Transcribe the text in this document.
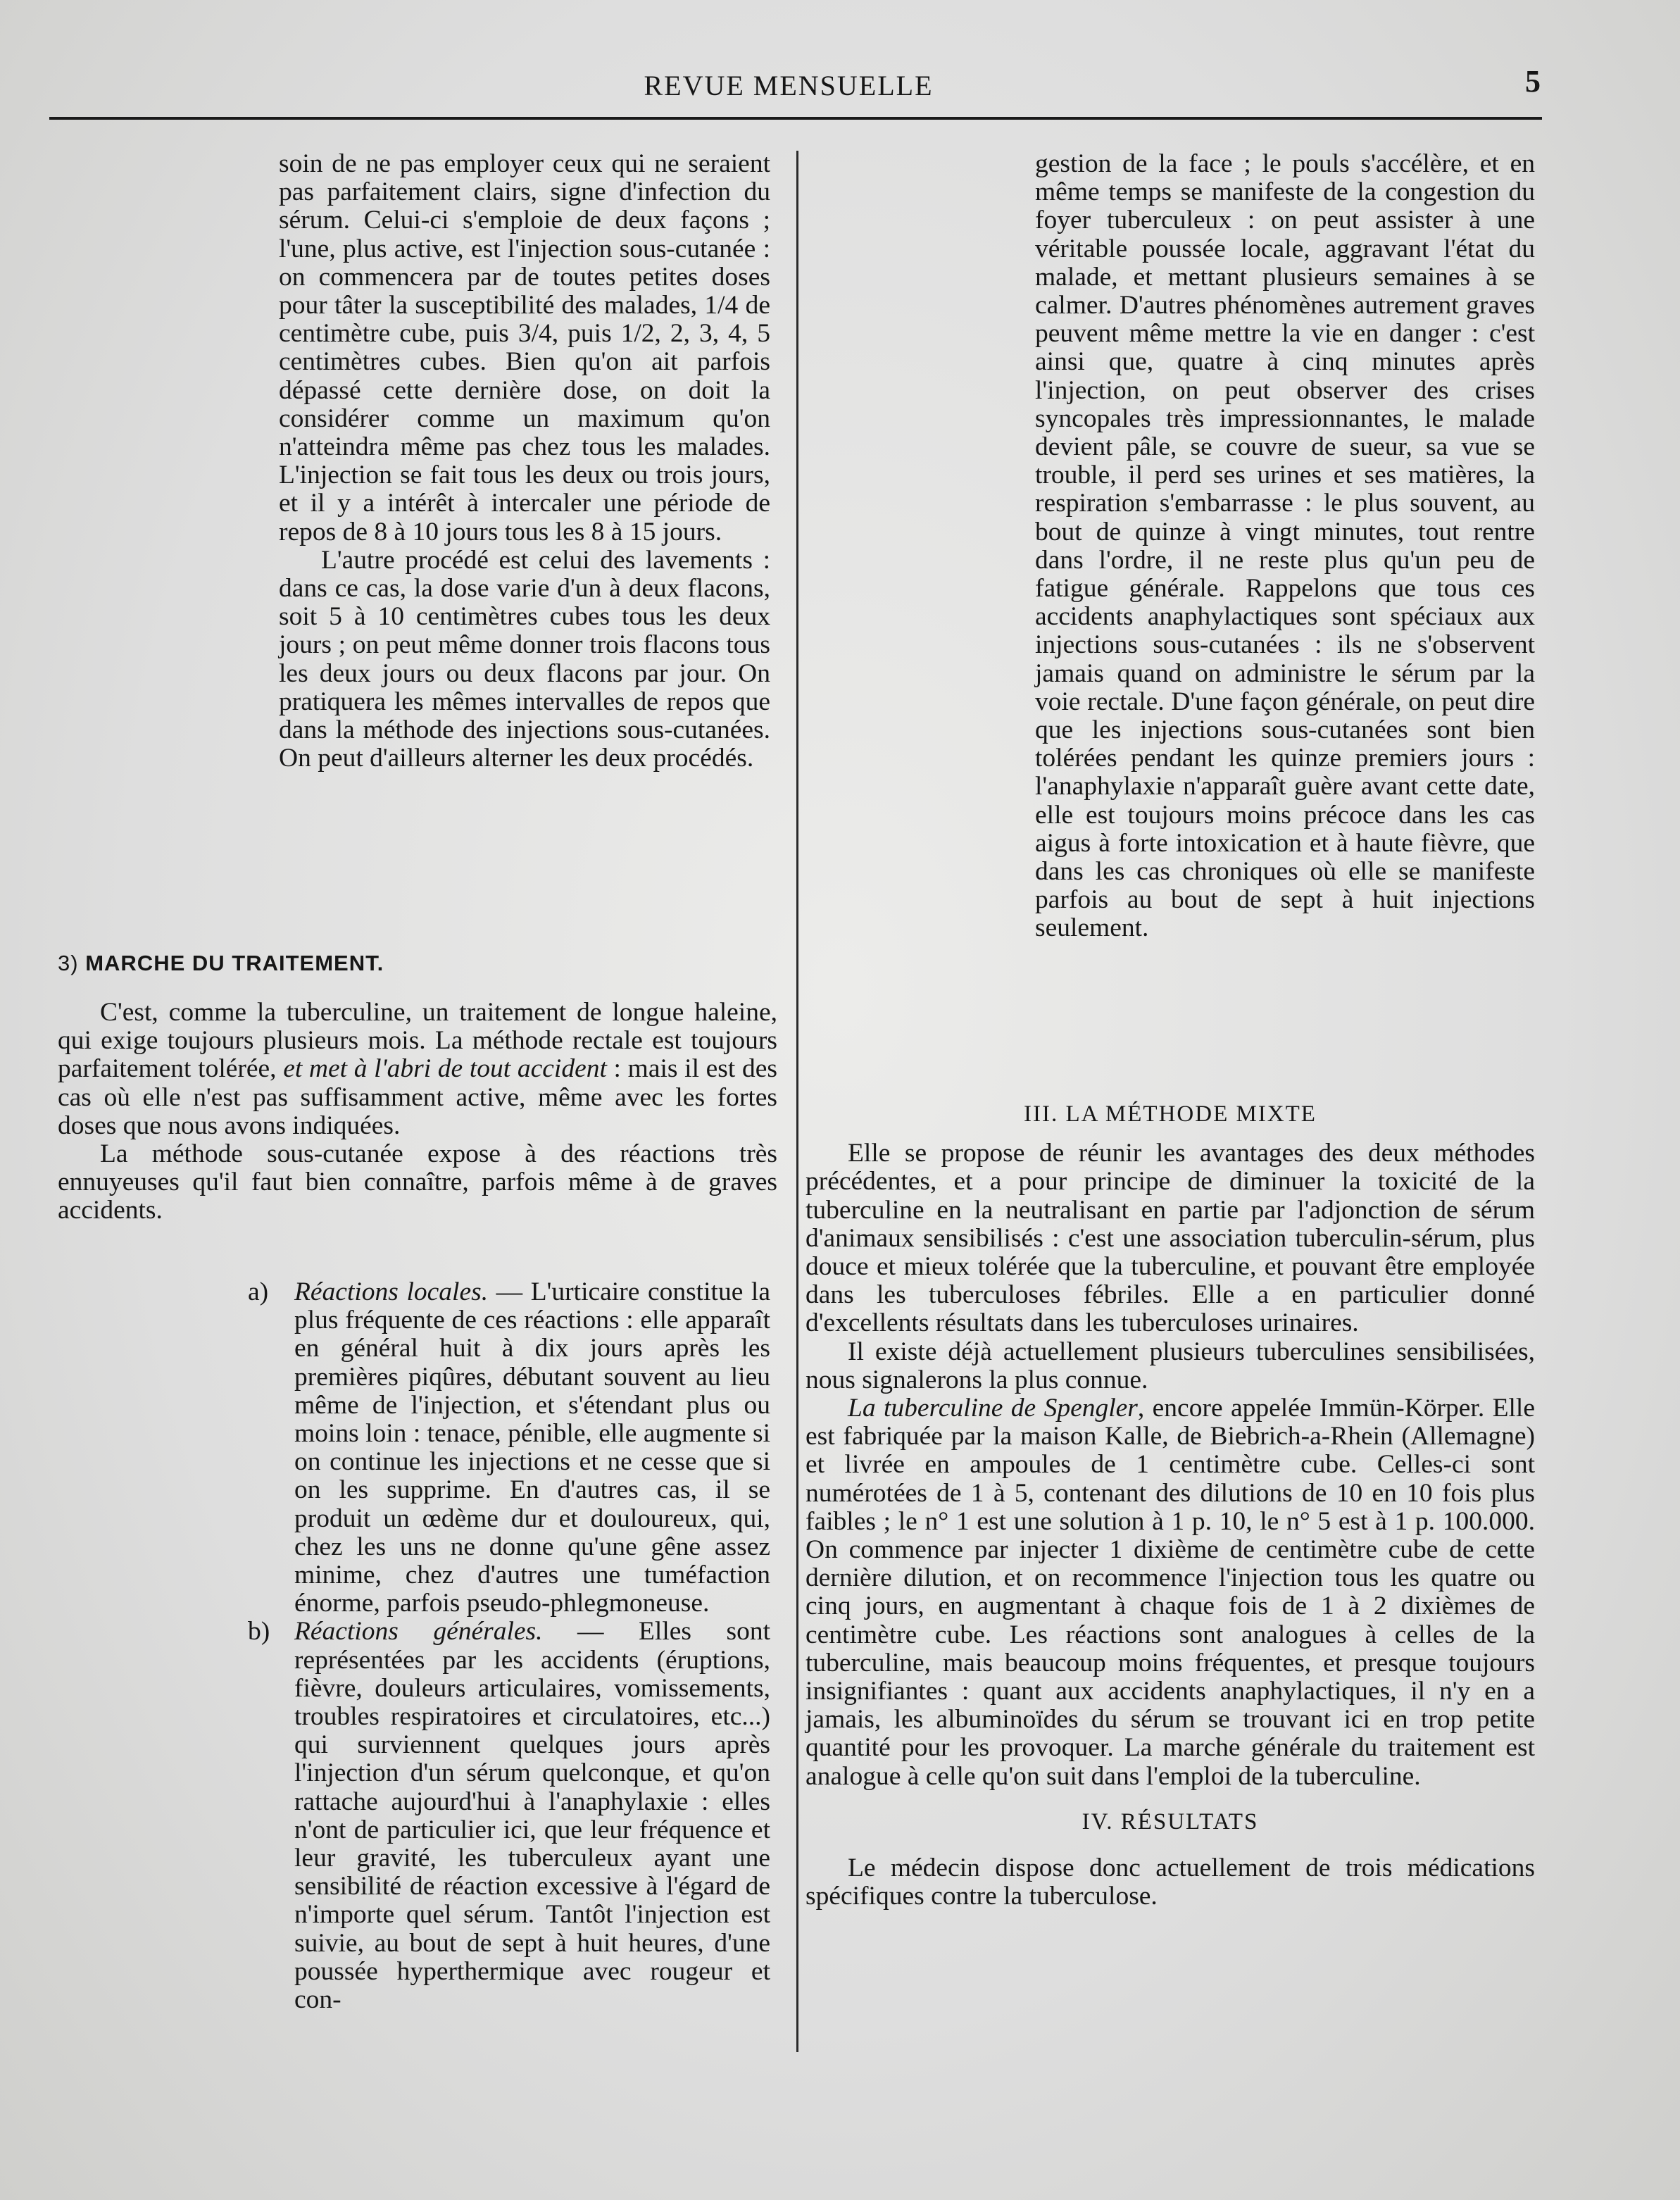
REVUE MENSUELLE	5

soin de ne pas employer ceux qui ne seraient pas parfaitement clairs, signe d'infection du sérum. Celui-ci s'emploie de deux façons ; l'une, plus active, est l'injection sous-cutanée : on commencera par de toutes petites doses pour tâter la susceptibilité des malades, 1/4 de centimètre cube, puis 3/4, puis 1/2, 2, 3, 4, 5 centimètres cubes. Bien qu'on ait parfois dépassé cette dernière dose, on doit la considérer comme un maximum qu'on n'atteindra même pas chez tous les malades. L'injection se fait tous les deux ou trois jours, et il y a intérêt à intercaler une période de repos de 8 à 10 jours tous les 8 à 15 jours.

L'autre procédé est celui des lavements : dans ce cas, la dose varie d'un à deux flacons, soit 5 à 10 centimètres cubes tous les deux jours ; on peut même donner trois flacons tous les deux jours ou deux flacons par jour. On pratiquera les mêmes intervalles de repos que dans la méthode des injections sous-cutanées. On peut d'ailleurs alterner les deux procédés.

3) MARCHE DU TRAITEMENT.

C'est, comme la tuberculine, un traitement de longue haleine, qui exige toujours plusieurs mois. La méthode rectale est toujours parfaitement tolérée, et met à l'abri de tout accident : mais il est des cas où elle n'est pas suffisamment active, même avec les fortes doses que nous avons indiquées.

La méthode sous-cutanée expose à des réactions très ennuyeuses qu'il faut bien connaître, parfois même à de graves accidents.

a) Réactions locales. — L'urticaire constitue la plus fréquente de ces réactions : elle apparaît en général huit à dix jours après les premières piqûres, débutant souvent au lieu même de l'injection, et s'étendant plus ou moins loin : tenace, pénible, elle augmente si on continue les injections et ne cesse que si on les supprime. En d'autres cas, il se produit un œdème dur et douloureux, qui, chez les uns ne donne qu'une gêne assez minime, chez d'autres une tuméfaction énorme, parfois pseudo-phlegmoneuse.

b) Réactions générales. — Elles sont représentées par les accidents (éruptions, fièvre, douleurs articulaires, vomissements, troubles respiratoires et circulatoires, etc...) qui surviennent quelques jours après l'injection d'un sérum quelconque, et qu'on rattache aujourd'hui à l'anaphylaxie : elles n'ont de particulier ici, que leur fréquence et leur gravité, les tuberculeux ayant une sensibilité de réaction excessive à l'égard de n'importe quel sérum. Tantôt l'injection est suivie, au bout de sept à huit heures, d'une poussée hyperthermique avec rougeur et con-

gestion de la face ; le pouls s'accélère, et en même temps se manifeste de la congestion du foyer tuberculeux : on peut assister à une véritable poussée locale, aggravant l'état du malade, et mettant plusieurs semaines à se calmer. D'autres phénomènes autrement graves peuvent même mettre la vie en danger : c'est ainsi que, quatre à cinq minutes après l'injection, on peut observer des crises syncopales très impressionnantes, le malade devient pâle, se couvre de sueur, sa vue se trouble, il perd ses urines et ses matières, la respiration s'embarrasse : le plus souvent, au bout de quinze à vingt minutes, tout rentre dans l'ordre, il ne reste plus qu'un peu de fatigue générale. Rappelons que tous ces accidents anaphylactiques sont spéciaux aux injections sous-cutanées : ils ne s'observent jamais quand on administre le sérum par la voie rectale. D'une façon générale, on peut dire que les injections sous-cutanées sont bien tolérées pendant les quinze premiers jours : l'anaphylaxie n'apparaît guère avant cette date, elle est toujours moins précoce dans les cas aigus à forte intoxication et à haute fièvre, que dans les cas chroniques où elle se manifeste parfois au bout de sept à huit injections seulement.

III. LA MÉTHODE MIXTE

Elle se propose de réunir les avantages des deux méthodes précédentes, et a pour principe de diminuer la toxicité de la tuberculine en la neutralisant en partie par l'adjonction de sérum d'animaux sensibilisés : c'est une association tuberculin-sérum, plus douce et mieux tolérée que la tuberculine, et pouvant être employée dans les tuberculoses fébriles. Elle a en particulier donné d'excellents résultats dans les tuberculoses urinaires.

Il existe déjà actuellement plusieurs tuberculines sensibilisées, nous signalerons la plus connue.

La tuberculine de Spengler, encore appelée Immün-Körper. Elle est fabriquée par la maison Kalle, de Biebrich-a-Rhein (Allemagne) et livrée en ampoules de 1 centimètre cube. Celles-ci sont numérotées de 1 à 5, contenant des dilutions de 10 en 10 fois plus faibles ; le n° 1 est une solution à 1 p. 10, le n° 5 est à 1 p. 100.000. On commence par injecter 1 dixième de centimètre cube de cette dernière dilution, et on recommence l'injection tous les quatre ou cinq jours, en augmentant à chaque fois de 1 à 2 dixièmes de centimètre cube. Les réactions sont analogues à celles de la tuberculine, mais beaucoup moins fréquentes, et presque toujours insignifiantes : quant aux accidents anaphylactiques, il n'y en a jamais, les albuminoïdes du sérum se trouvant ici en trop petite quantité pour les provoquer. La marche générale du traitement est analogue à celle qu'on suit dans l'emploi de la tuberculine.

IV. RÉSULTATS

Le médecin dispose donc actuellement de trois médications spécifiques contre la tuberculose.
